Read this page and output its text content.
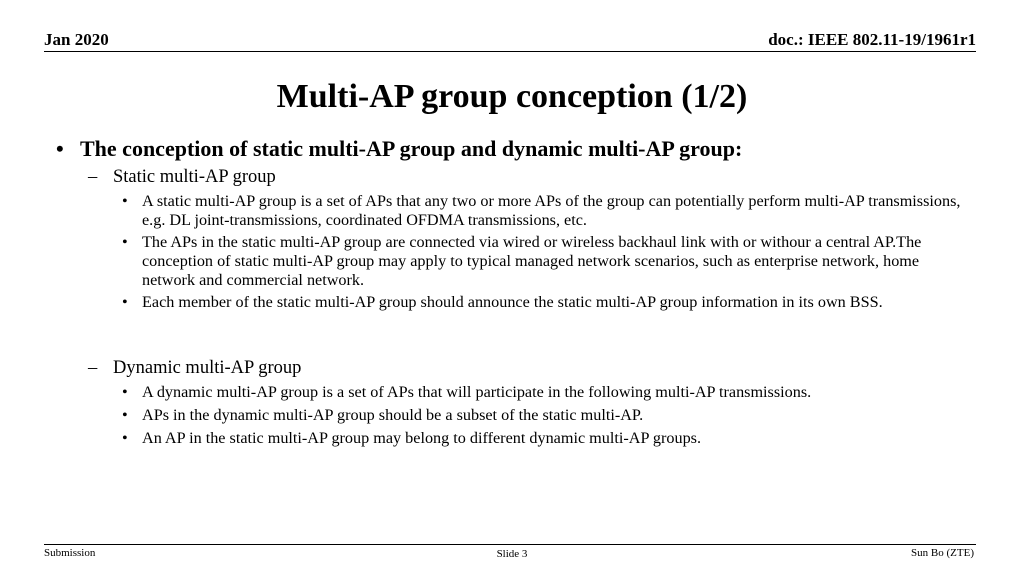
Jan 2020	doc.: IEEE 802.11-19/1961r1
Multi-AP group conception (1/2)
• The conception of static multi-AP group and dynamic multi-AP group:
– Static multi-AP group
• A static multi-AP group is a set of APs that any two or more APs of the group can potentially perform multi-AP transmissions, e.g. DL joint-transmissions, coordinated OFDMA transmissions, etc.
• The APs in the static multi-AP group are connected via wired or wireless backhaul link with or withour a central AP.The conception of static multi-AP group may apply to typical managed network scenarios, such as enterprise network, home network and commercial network.
• Each member of the static multi-AP group should announce the static multi-AP group information in its own BSS.
– Dynamic multi-AP group
• A dynamic multi-AP group is a set of APs that will participate in the following multi-AP transmissions.
• APs in the dynamic multi-AP group should be a subset of the static multi-AP.
• An AP in the static multi-AP group may belong to different dynamic multi-AP groups.
Submission	Slide 3	Sun Bo (ZTE)
